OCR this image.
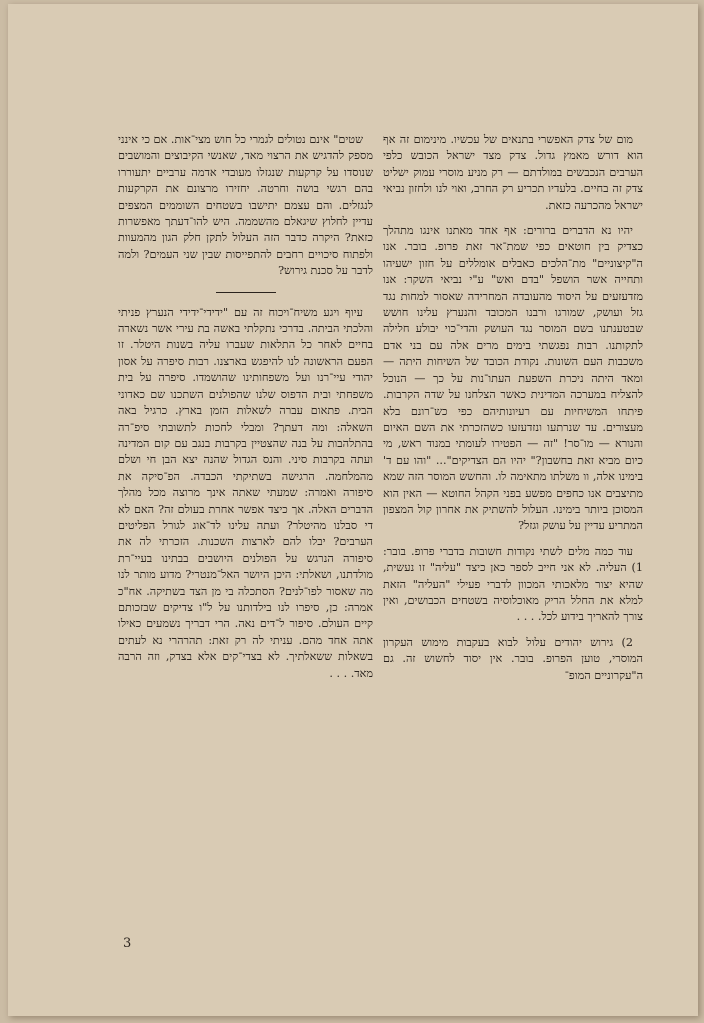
מום של צדק האפשרי בתנאים של עכשיו. מינימום זה אף הוא דורש מאמץ גדול. צדק מצד ישראל הכובש כלפי הערבים הנכבשים במולדתם — רק מניע מוסרי עמוק ישליט צדק זה בחיים. בלעדיו תכריע רק החרב, ואוי לנו ולחזון נביאי ישראל מהכרעה כזאת.

יהיו נא הדברים ברורים: אף אחד מאתנו אינגו מתהלך כצדיק בין חוטאים כפי שמת־אר זאת פרופ. בובר. אנו ה"קיצוניים" מת־הלכים כאבלים אומללים על חזון ישעיהו ותחייה אשר הושפל "בדם ואש" ע"י נביאי השקר: אנו מזדעזעים על היסוד מהעובדה המחרידה שאסור למחות נגד גזל ועושק, שמורגו ורבנו המכובד והנערץ עלינו חושש שבטענתנו בשם המוסר נגד העושק והדי־כוי יבולע חלילה לתקותנו. רבות נפגשתי בימים מרים אלה עם בני אדם משכבות העם השונות. נקודת הכובד של השיחות היתה — ומאד היתה ניכרת השפעת העתו־נות על כך — הנוכל להצליח במערכה המדינית כאשר הצלחנו על שדה הקרבות. פיתחו המשיחיות עם רעיונותיהם כפי כש־רונם בלא מעצורים. עד שנרתעו ונזדעזעו כשהזכרתי את השם האיום והנורא — מו־סר! "זה — הפטירו לעומתי במנוד ראש, מי כיום מביא זאת בחשבון?" יהיו הם הצדיקים"... "והו עם ד' בימינו אלה, וו משלתו מתאימה לו. והחשש המוסר הזה שמא מתיצבים אנו כחפים מפשע בפני הקהל החוטא — האין הוא המסוכן ביותר בימינו. העלול להשתיק את אחרון קול המצפון המתריע עדיין על עושק וגזל?

עוד כמה מלים לשתי נקודות חשובות בדברי פרופ. בובר: 1) העליה. לא אני חייב לספר כאן כיצד "עליה" זו נעשית, שהיא יצור מלאכותי המכוון לדברי פעילי "העליה" הזאת למלא את החלל הריק מאוכלוסיה בשטחים הכבושים, ואין צורך להאריך בידוע לכל. . . .

2) גירוש יהודים עלול לבוא בעקבות מימוש העקרון המוסרי, טוען הפרופ. בובר. אין יסוד לחשוש זה. גם ה"עקרוניים המופ־

שטים" אינם נטולים לגמרי כל חוש מצי־אות. אם כי אינני מספק להדגיש את הרצוי מאד, שאנשי הקיבוצים והמושבים שנוסדו על קרקעות שנגזלו מעובדי אדמה ערביים יתעוררו בהם רגשי בושה וחרטה. יחזירו מרצונם את הקרקעות לנגזלים. והם עצמם יתישבו בשטחים השוממים המצפים עדיין לחלוץ שיגאלם מהשממה. היש להו־דעתך מאפשרות כזאת? היקרה כדבר הזה העלול לתקן חלק הגון מהמעוות ולפתוח סיכויים רחבים להתפייסות שבין שני העמים? ולמה לדבר על סכנת גירוש?

עיוף ויגע משיח־ויכוח זה עם "ידידי־ידידי הנערץ פניתי והלכתי הביתה. בדרכי נתקלתי באשה בת עירי אשר נשארה בחיים לאחר כל התלאות שעברו עליה בשנות היטלר. זו הפעם הראשונה לנו להיפגש בארצנו. רבות סיפרה על אסון יהודי עיי־רנו ועל משפחותינו שהושמדו. סיפרה על בית משפחתי ובית הדפוס שלנו שהפולנים השתכנו שם כאדוני הבית. פתאום עברה לשאלות הזמן בארץ. כרגיל באה השאלה: ומה דעתך? ומבלי לחכות לתשובתי סיפ־רה בהתלהבות על בנה שהצטיין בקרבות בנגב עם קום המדינה ועתה בקרבות סיני. והנס הגדול שהנה יצא הבן חי ושלם מהמלחמה. הרגישה בשתיקתי הכבדה. הפ־סיקה את סיפורה ואמרה: שמעתי שאתה אינך מרוצה מכל מהלך הדברים האלה. אך כיצד אפשר אחרת בעולם זה? האם לא די סבלנו מהיטלר? ועתה עלינו לד־אוג לגורל הפליטים הערבים? יבלו להם לארצות השכנות. הזכרתי לה את סיפורה הנרגש על הפולנים היושבים בבתינו בעיי־רת מולדתנו, ושאלתי: היכן היושר האל־מנטרי? מדוע מותר לנו מה שאסור לפו־לנים? הסתכלה בי מן הצד בשתיקה. אח"כ אמרה: כן, סיפרו לנו בילדותנו על ל"ו צדיקים שבזכותם קיים העולם. סיפור ל־דים נאה. הרי דבריך נשמעים כאילו אתה אחד מהם. עניתי לה רק זאת: תהרהרי נא לעתים בשאלות ששאלתיך. לא בצדי־קים אלא בצדק, וזה הרבה מאד. . . .

3
